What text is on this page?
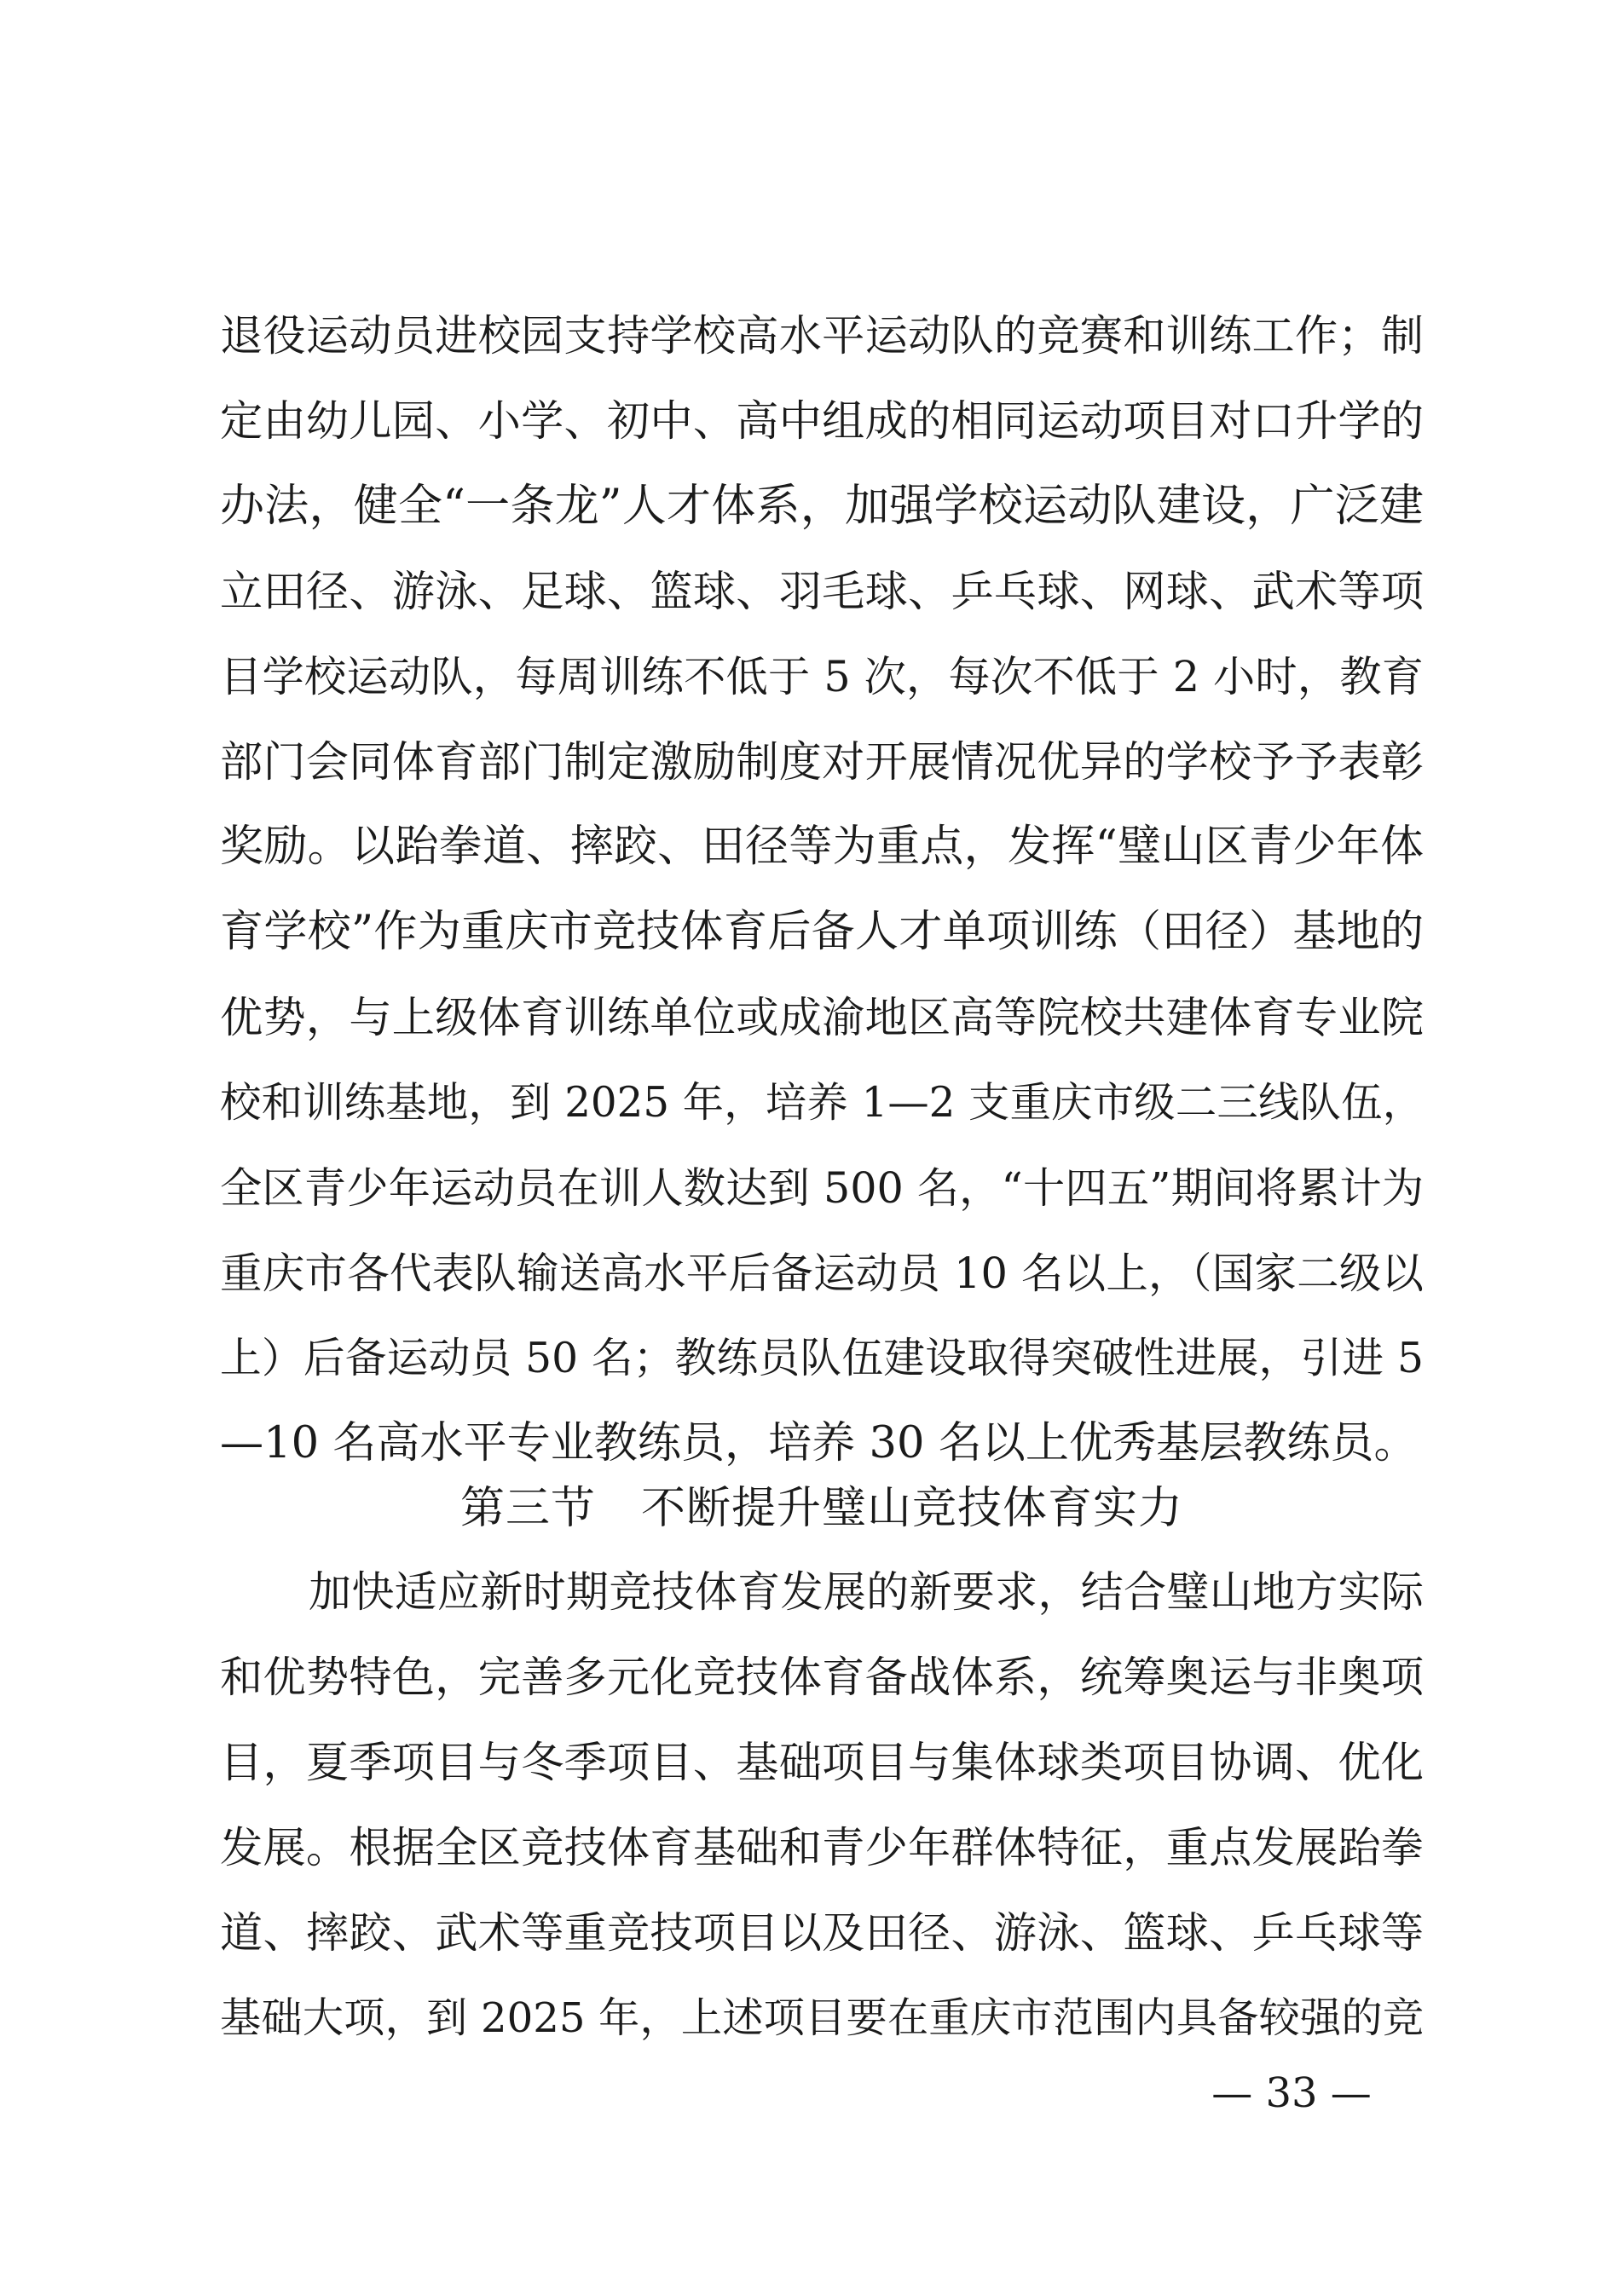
退役运动员进校园支持学校高水平运动队的竞赛和训练工作；制
定由幼儿园、小学、初中、高中组成的相同运动项目对口升学的
办法，健全“一条龙”人才体系，加强学校运动队建设，广泛建
立田径、游泳、足球、篮球、羽毛球、乒乓球、网球、武术等项
目学校运动队，每周训练不低于 5 次，每次不低于 2 小时，教育
部门会同体育部门制定激励制度对开展情况优异的学校予予表彰
奖励。以跆拳道、摔跤、田径等为重点，发挥“璧山区青少年体
育学校”作为重庆市竞技体育后备人才单项训练（田径）基地的
优势，与上级体育训练单位或成渝地区高等院校共建体育专业院
校和训练基地，到 2025 年，培养 1—2 支重庆市级二三线队伍，
全区青少年运动员在训人数达到 500 名，“十四五”期间将累计为
重庆市各代表队输送高水平后备运动员 10 名以上，（国家二级以
上）后备运动员 50 名；教练员队伍建设取得突破性进展，引进 5
—10 名高水平专业教练员，培养 30 名以上优秀基层教练员。
第三节　不断提升璧山竞技体育实力
加快适应新时期竞技体育发展的新要求，结合璧山地方实际
和优势特色，完善多元化竞技体育备战体系，统筹奥运与非奥项
目，夏季项目与冬季项目、基础项目与集体球类项目协调、优化
发展。根据全区竞技体育基础和青少年群体特征，重点发展跆拳
道、摔跤、武术等重竞技项目以及田径、游泳、篮球、乒乓球等
基础大项，到 2025 年，上述项目要在重庆市范围内具备较强的竞
— 33 —
